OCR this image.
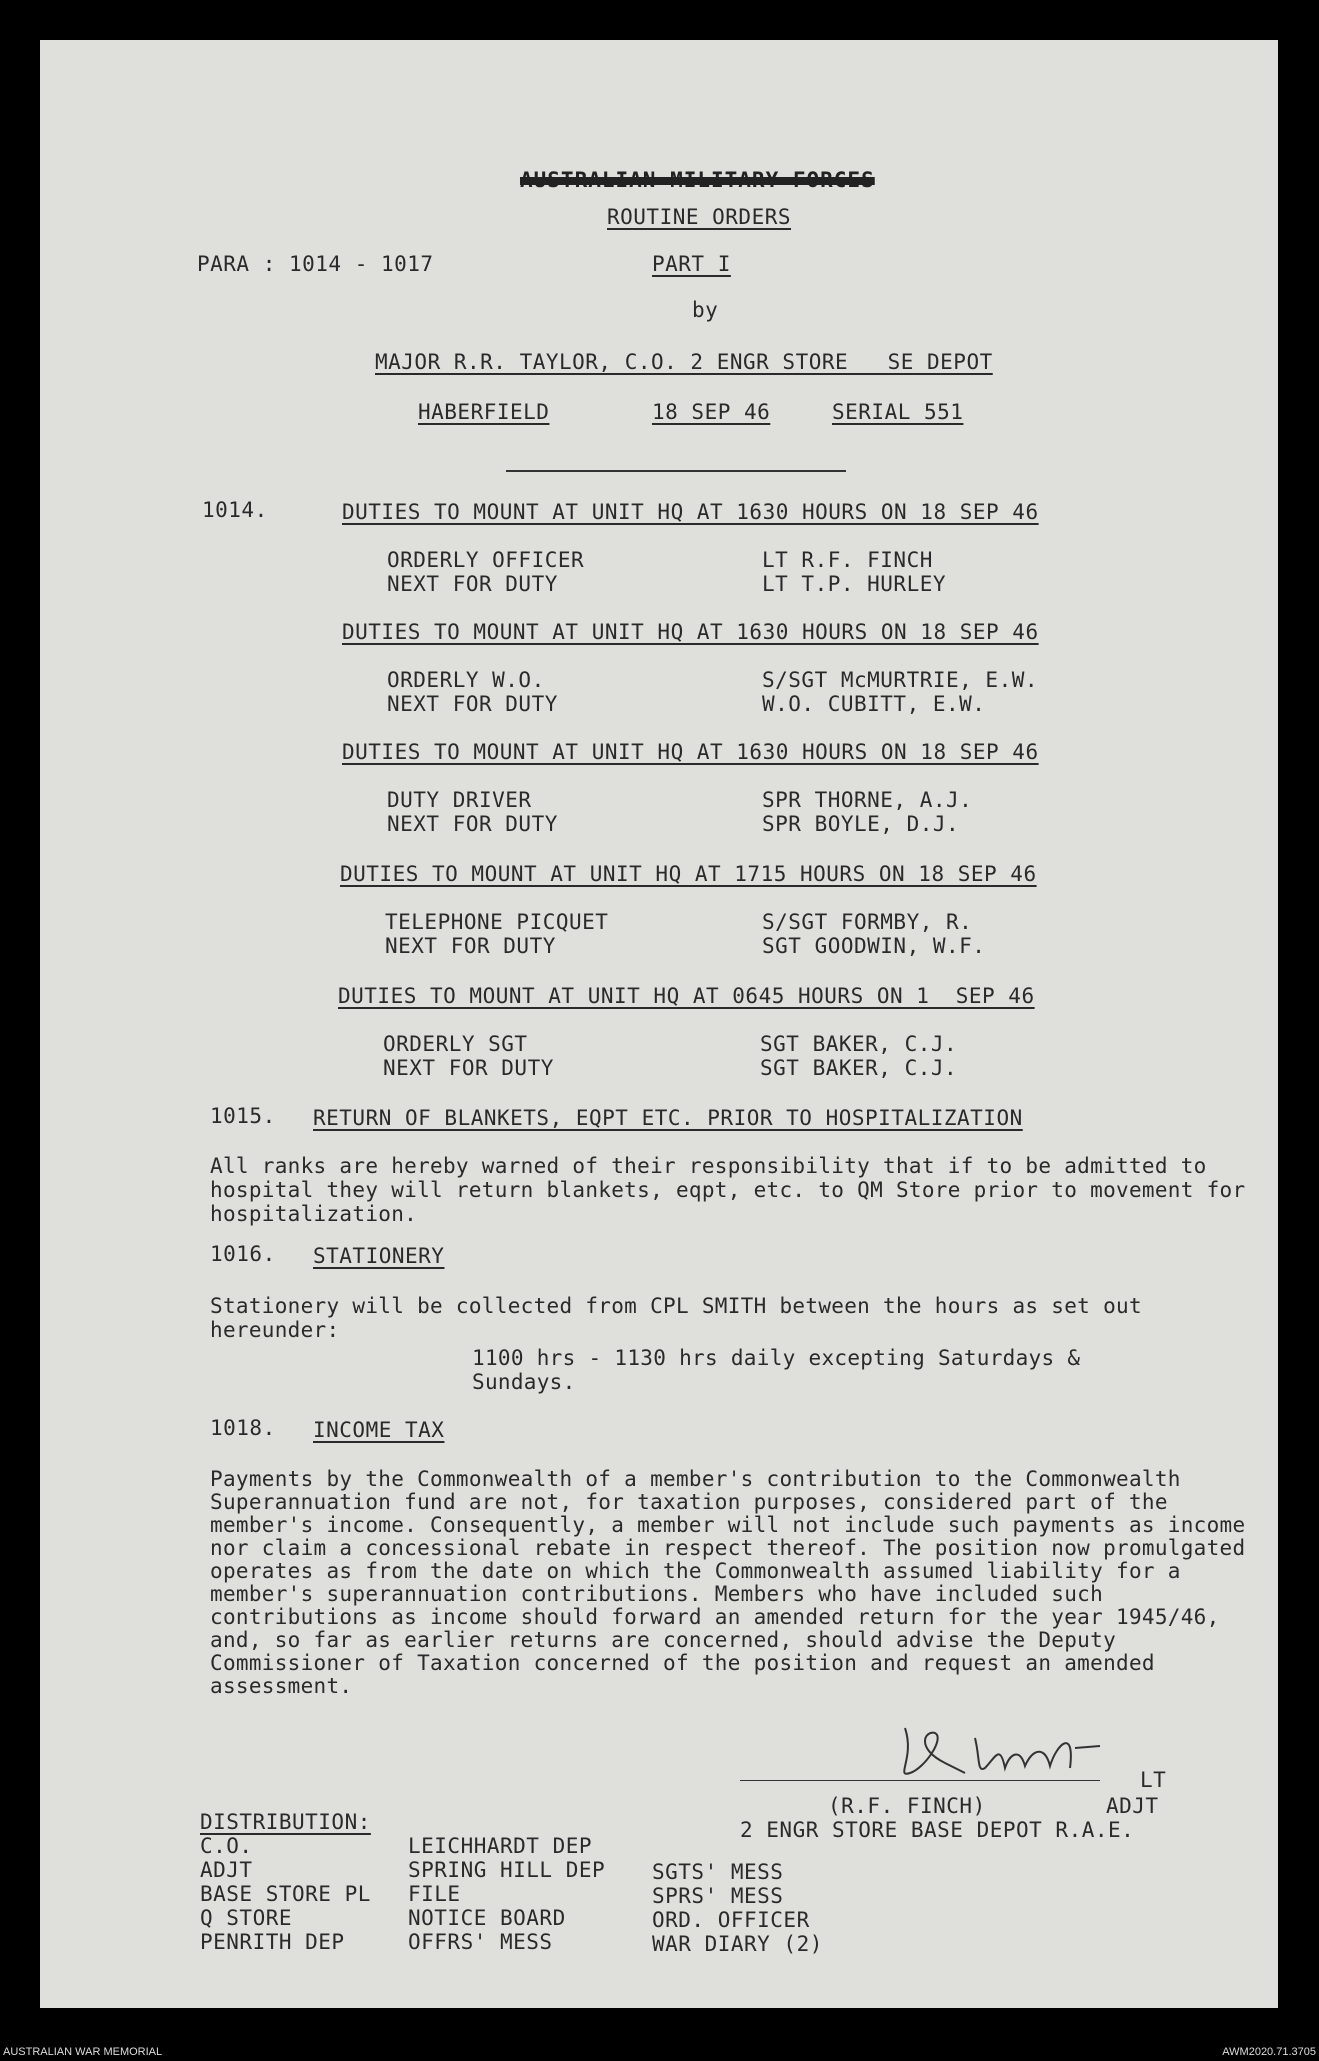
AUSTRALIAN MILITARY FORCES
ROUTINE ORDERS
PARA : 1014 - 1017	PART I
by
MAJOR R.R. TAYLOR, C.O. 2 ENGR STORE   SE DEPOT
HABERFIELD	18 SEP 46	SERIAL 551
1014.	DUTIES TO MOUNT AT UNIT HQ AT 1630 HOURS ON 18 SEP 46
ORDERLY OFFICER	LT R.F. FINCH
NEXT FOR DUTY	LT T.P. HURLEY
DUTIES TO MOUNT AT UNIT HQ AT 1630 HOURS ON 18 SEP 46
ORDERLY W.O.	S/SGT McMURTRIE, E.W.
NEXT FOR DUTY	W.O. CUBITT, E.W.
DUTIES TO MOUNT AT UNIT HQ AT 1630 HOURS ON 18 SEP 46
DUTY DRIVER	SPR THORNE, A.J.
NEXT FOR DUTY	SPR BOYLE, D.J.
DUTIES TO MOUNT AT UNIT HQ AT 1715 HOURS ON 18 SEP 46
TELEPHONE PICQUET	S/SGT FORMBY, R.
NEXT FOR DUTY	SGT GOODWIN, W.F.
DUTIES TO MOUNT AT UNIT HQ AT 0645 HOURS ON 1  SEP 46
ORDERLY SGT	SGT BAKER, C.J.
NEXT FOR DUTY	SGT BAKER, C.J.
1015. RETURN OF BLANKETS, EQPT ETC. PRIOR TO HOSPITALIZATION
All ranks are hereby warned of their responsibility that if to be admitted to hospital they will return blankets, eqpt, etc. to QM Store prior to movement for hospitalization.
1016. STATIONERY
Stationery will be collected from CPL SMITH between the hours as set out hereunder:
1100 hrs - 1130 hrs daily excepting Saturdays & Sundays.
1018. INCOME TAX
Payments by the Commonwealth of a member's contribution to the Commonwealth Superannuation fund are not, for taxation purposes, considered part of the member's income. Consequently, a member will not include such payments as income nor claim a concessional rebate in respect thereof. The position now promulgated operates as from the date on which the Commonwealth assumed liability for a member's superannuation contributions. Members who have included such contributions as income should forward an amended return for the year 1945/46, and, so far as earlier returns are concerned, should advise the Deputy Commissioner of Taxation concerned of the position and request an amended assessment.
LT
(R.F. FINCH)	ADJT
2 ENGR STORE BASE DEPOT R.A.E.
DISTRIBUTION:
C.O.
ADJT
BASE STORE PL
Q STORE
PENRITH DEP
LEICHHARDT DEP
SPRING HILL DEP
FILE
NOTICE BOARD
OFFRS' MESS
SGTS' MESS
SPRS' MESS
ORD. OFFICER
WAR DIARY (2)
AUSTRALIAN WAR MEMORIAL	AWM2020.71.3705
